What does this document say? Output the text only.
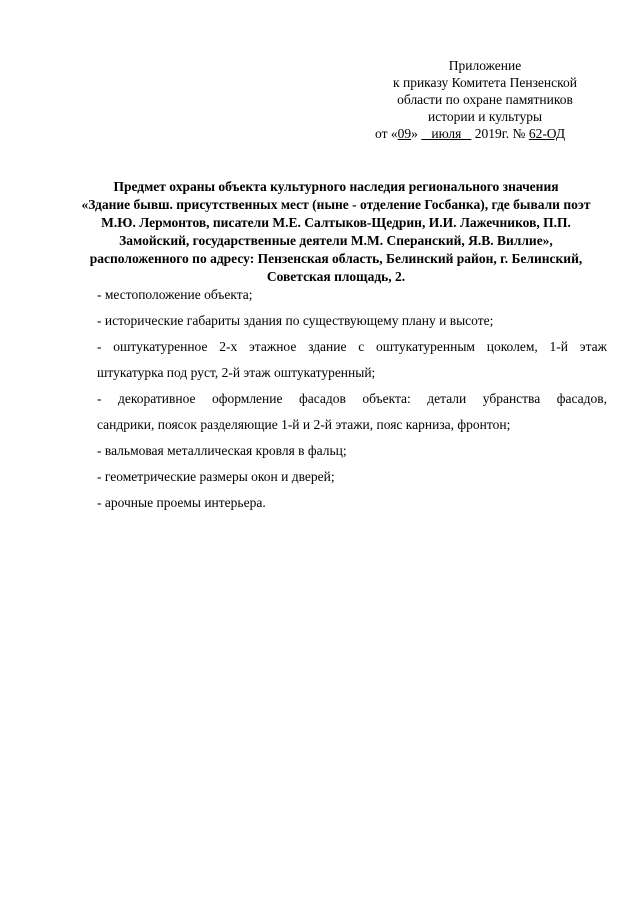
Приложение
к приказу Комитета Пензенской
области по охране памятников
истории и культуры
от «09»    июля    2019г. № 62-ОД
Предмет охраны объекта культурного наследия регионального значения
«Здание бывш. присутственных мест (ныне - отделение Госбанка), где бывали поэт
М.Ю. Лермонтов, писатели М.Е. Салтыков-Щедрин, И.И. Лажечников, П.П.
Замойский, государственные деятели М.М. Сперанский, Я.В. Виллие»,
расположенного по адресу: Пензенская область, Белинский район, г. Белинский,
Советская площадь, 2.
- местоположение объекта;
- исторические габариты здания по существующему плану и высоте;
- оштукатуренное 2-х этажное здание с оштукатуренным цоколем, 1-й этаж
штукатурка под руст, 2-й этаж оштукатуренный;
- декоративное оформление фасадов объекта: детали убранства фасадов,
сандрики, поясок разделяющие 1-й и 2-й этажи, пояс карниза, фронтон;
- вальмовая металлическая кровля в фальц;
- геометрические размеры окон и дверей;
- арочные проемы интерьера.
